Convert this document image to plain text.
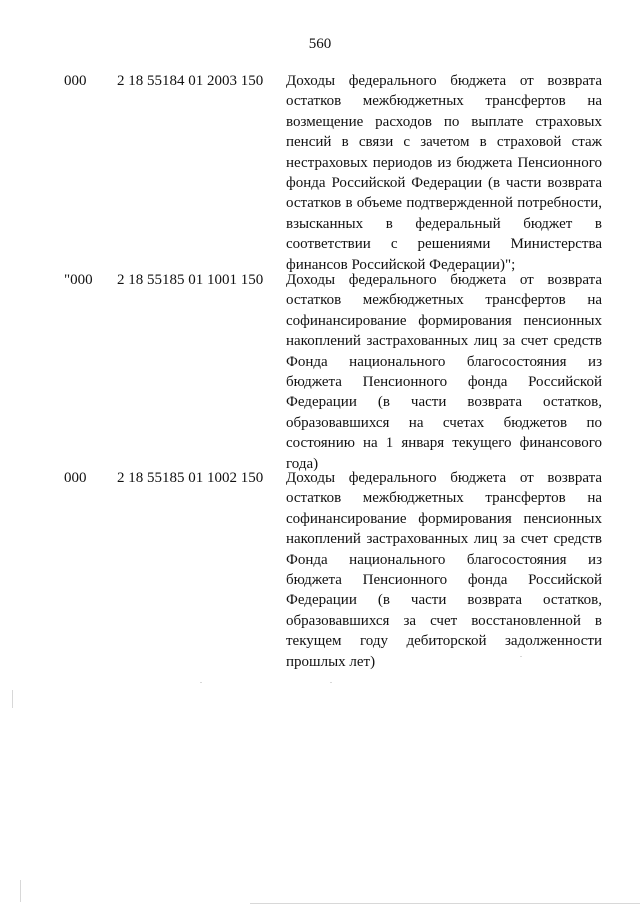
560
000 2 18 55184 01 2003 150 Доходы федерального бюджета от возврата остатков межбюджетных трансфертов на возмещение расходов по выплате страховых пенсий в связи с зачетом в страховой стаж нестраховых периодов из бюджета Пенсионного фонда Российской Федерации (в части возврата остатков в объеме подтвержденной потребности, взысканных в федеральный бюджет в соответствии с решениями Министерства финансов Российской Федерации)";
"000 2 18 55185 01 1001 150 Доходы федерального бюджета от возврата остатков межбюджетных трансфертов на софинансирование формирования пенсионных накоплений застрахованных лиц за счет средств Фонда национального благосостояния из бюджета Пенсионного фонда Российской Федерации (в части возврата остатков, образовавшихся на счетах бюджетов по состоянию на 1 января текущего финансового года)
000 2 18 55185 01 1002 150 Доходы федерального бюджета от возврата остатков межбюджетных трансфертов на софинансирование формирования пенсионных накоплений застрахованных лиц за счет средств Фонда национального благосостояния из бюджета Пенсионного фонда Российской Федерации (в части возврата остатков, образовавшихся за счет восстановленной в текущем году дебиторской задолженности прошлых лет)
